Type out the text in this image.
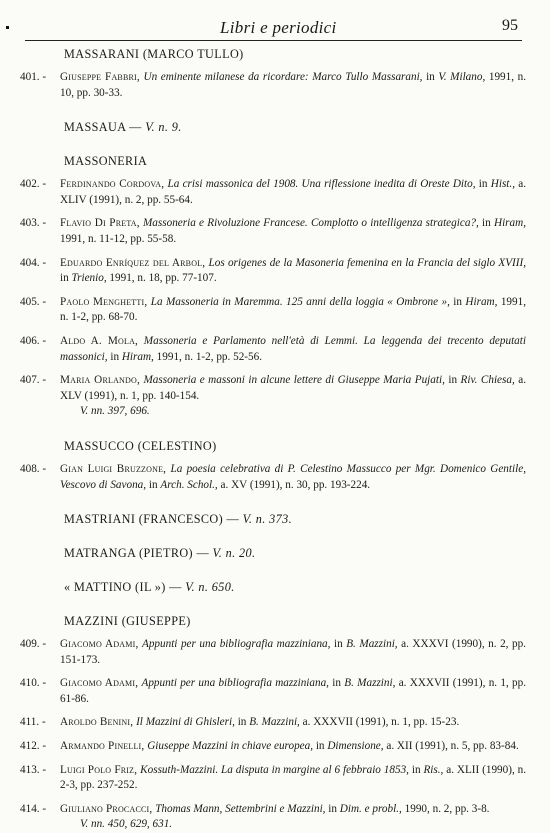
Libri e periodici	95
MASSARANI (MARCO TULLO)
401. -	Giuseppe Fabbri, Un eminente milanese da ricordare: Marco Tullo Massarani, in V. Milano, 1991, n. 10, pp. 30-33.
MASSAUA — V. n. 9.
MASSONERIA
402. -	Ferdinando Cordova, La crisi massonica del 1908. Una riflessione inedita di Oreste Dito, in Hist., a. XLIV (1991), n. 2, pp. 55-64.
403. -	Flavio Di Preta, Massoneria e Rivoluzione Francese. Complotto o intelligenza strategica?, in Hiram, 1991, n. 11-12, pp. 55-58.
404. -	Eduardo Enríquez del Arbol, Los origenes de la Masoneria femenina en la Francia del siglo XVIII, in Trienio, 1991, n. 18, pp. 77-107.
405. -	Paolo Menghetti, La Massoneria in Maremma. 125 anni della loggia « Ombrone », in Hiram, 1991, n. 1-2, pp. 68-70.
406. -	Aldo A. Mola, Massoneria e Parlamento nell'età di Lemmi. La leggenda dei trecento deputati massonici, in Hiram, 1991, n. 1-2, pp. 52-56.
407. -	Maria Orlando, Massoneria e massoni in alcune lettere di Giuseppe Maria Pujati, in Riv. Chiesa, a. XLV (1991), n. 1, pp. 140-154.
V. nn. 397, 696.
MASSUCCO (CELESTINO)
408. -	Gian Luigi Bruzzone, La poesia celebrativa di P. Celestino Massucco per Mgr. Domenico Gentile, Vescovo di Savona, in Arch. Schol., a. XV (1991), n. 30, pp. 193-224.
MASTRIANI (FRANCESCO) — V. n. 373.
MATRANGA (PIETRO) — V. n. 20.
« MATTINO (IL ») — V. n. 650.
MAZZINI (GIUSEPPE)
409. -	Giacomo Adami, Appunti per una bibliografia mazziniana, in B. Mazzini, a. XXXVI (1990), n. 2, pp. 151-173.
410. -	Giacomo Adami, Appunti per una bibliografia mazziniana, in B. Mazzini, a. XXXVII (1991), n. 1, pp. 61-86.
411. -	Aroldo Benini, Il Mazzini di Ghisleri, in B. Mazzini, a. XXXVII (1991), n. 1, pp. 15-23.
412. -	Armando Pinelli, Giuseppe Mazzini in chiave europea, in Dimensione, a. XII (1991), n. 5, pp. 83-84.
413. -	Luigi Polo Friz, Kossuth-Mazzini. La disputa in margine al 6 febbraio 1853, in Ris., a. XLII (1990), n. 2-3, pp. 237-252.
414. -	Giuliano Procacci, Thomas Mann, Settembrini e Mazzini, in Dim. e probl., 1990, n. 2, pp. 3-8.
V. nn. 450, 629, 631.
